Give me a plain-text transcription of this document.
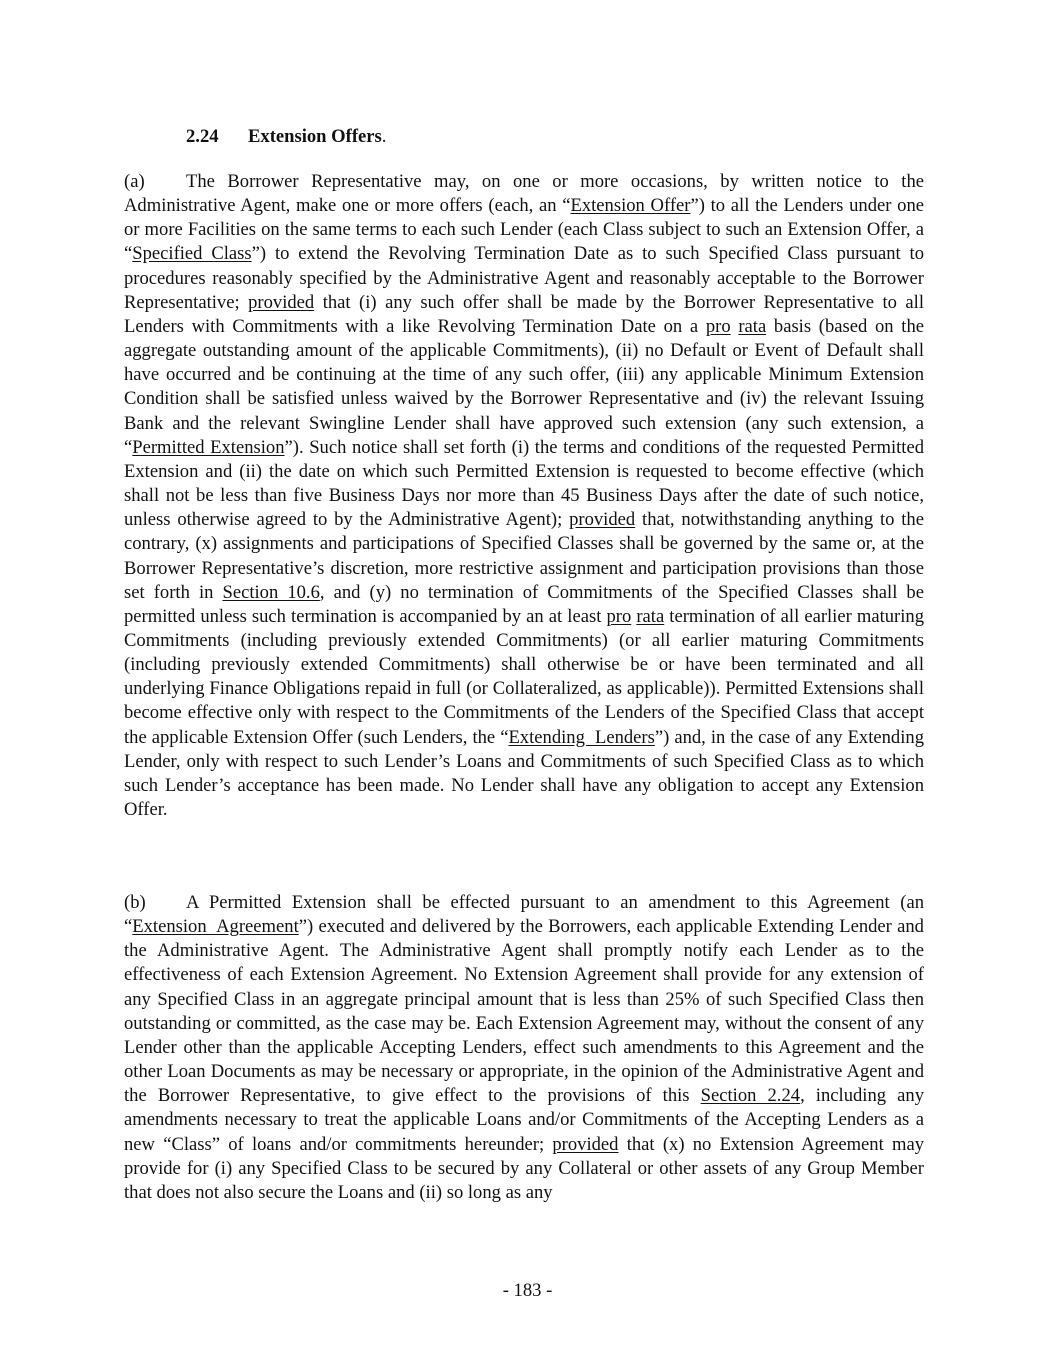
2.24 Extension Offers.

(a) The Borrower Representative may, on one or more occasions, by written notice to the Administrative Agent, make one or more offers (each, an “Extension Offer”) to all the Lenders under one or more Facilities on the same terms to each such Lender (each Class subject to such an Extension Offer, a “Specified Class”) to extend the Revolving Termination Date as to such Specified Class pursuant to procedures reasonably specified by the Administrative Agent and reasonably acceptable to the Borrower Representative; provided that (i) any such offer shall be made by the Borrower Representative to all Lenders with Commitments with a like Revolving Termination Date on a pro rata basis (based on the aggregate outstanding amount of the applicable Commitments), (ii) no Default or Event of Default shall have occurred and be continuing at the time of any such offer, (iii) any applicable Minimum Extension Condition shall be satisfied unless waived by the Borrower Representative and (iv) the relevant Issuing Bank and the relevant Swingline Lender shall have approved such extension (any such extension, a “Permitted Extension”). Such notice shall set forth (i) the terms and conditions of the requested Permitted Extension and (ii) the date on which such Permitted Extension is requested to become effective (which shall not be less than five Business Days nor more than 45 Business Days after the date of such notice, unless otherwise agreed to by the Administrative Agent); provided that, notwithstanding anything to the contrary, (x) assignments and participations of Specified Classes shall be governed by the same or, at the Borrower Representative’s discretion, more restrictive assignment and participation provisions than those set forth in Section 10.6, and (y) no termination of Commitments of the Specified Classes shall be permitted unless such termination is accompanied by an at least pro rata termination of all earlier maturing Commitments (including previously extended Commitments) (or all earlier maturing Commitments (including previously extended Commitments) shall otherwise be or have been terminated and all underlying Finance Obligations repaid in full (or Collateralized, as applicable)). Permitted Extensions shall become effective only with respect to the Commitments of the Lenders of the Specified Class that accept the applicable Extension Offer (such Lenders, the “Extending  Lenders”) and, in the case of any Extending Lender, only with respect to such Lender’s Loans and Commitments of such Specified Class as to which such Lender’s acceptance has been made. No Lender shall have any obligation to accept any Extension Offer.

(b) A Permitted Extension shall be effected pursuant to an amendment to this Agreement (an “Extension  Agreement”) executed and delivered by the Borrowers, each applicable Extending Lender and the Administrative Agent. The Administrative Agent shall promptly notify each Lender as to the effectiveness of each Extension Agreement. No Extension Agreement shall provide for any extension of any Specified Class in an aggregate principal amount that is less than 25% of such Specified Class then outstanding or committed, as the case may be. Each Extension Agreement may, without the consent of any Lender other than the applicable Accepting Lenders, effect such amendments to this Agreement and the other Loan Documents as may be necessary or appropriate, in the opinion of the Administrative Agent and the Borrower Representative, to give effect to the provisions of this Section 2.24, including any amendments necessary to treat the applicable Loans and/or Commitments of the Accepting Lenders as a new “Class” of loans and/or commitments hereunder; provided that (x) no Extension Agreement may provide for (i) any Specified Class to be secured by any Collateral or other assets of any Group Member that does not also secure the Loans and (ii) so long as any

- 183 -
